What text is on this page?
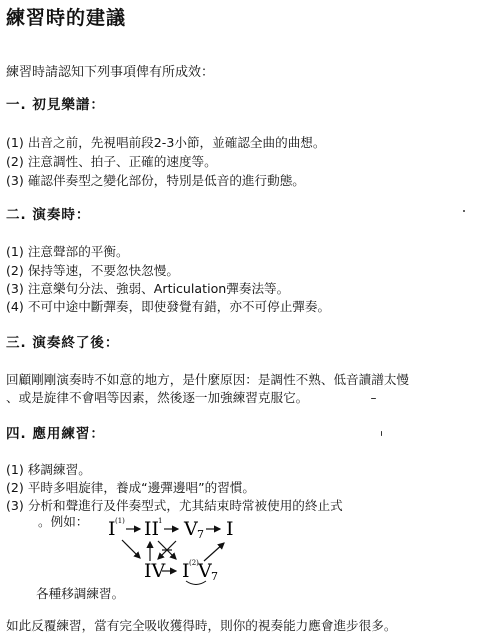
練習時的建議
練習時請認知下列事項俾有所成效：
一. 初見樂譜：
(1) 出音之前，先視唱前段2-3小節，並確認全曲的曲想。
(2) 注意調性、拍子、正確的速度等。
(3) 確認伴奏型之變化部份，特別是低音的進行動態。
二. 演奏時：
(1) 注意聲部的平衡。
(2) 保持等速，不要忽快忽慢。
(3) 注意樂句分法、強弱、Articulation彈奏法等。
(4) 不可中途中斷彈奏，即使發覺有錯，亦不可停止彈奏。
三. 演奏終了後：
回顧剛剛演奏時不如意的地方，是什麼原因：是調性不熟、低音讀譜太慢
、或是旋律不會唱等因素，然後逐一加強練習克服它。
四. 應用練習：
(1) 移調練習。
(2) 平時多唱旋律，養成“邊彈邊唱”的習慣。
(3) 分析和聲進行及伴奏型式，尤其結束時常被使用的終止式
。例如： I (1) II
1 V 7 I
IV I (2) V 7
各種移調練習。
如此反覆練習，當有完全吸收獲得時，則你的視奏能力應會進步很多。
